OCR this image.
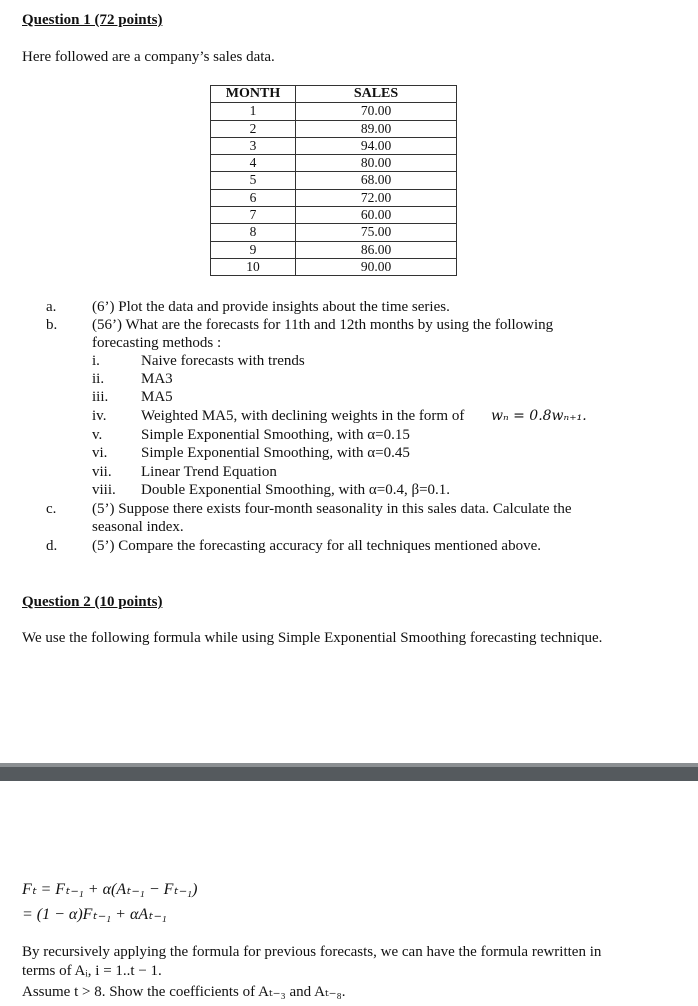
Question 1 (72 points)
Here followed are a company’s sales data.
MONTH	SALES
1	70.00
2	89.00
3	94.00
4	80.00
5	68.00
6	72.00
7	60.00
8	75.00
9	86.00
10	90.00
a.	(6’) Plot the data and provide insights about the time series.
b.	(56’) What are the forecasts for 11th and 12th months by using the following
forecasting methods :
i.	Naive forecasts with trends
ii.	MA3
iii.	MA5
iv.	Weighted MA5, with declining weights in the form of wₙ = 0.8wₙ₊₁.
v.	Simple Exponential Smoothing, with α=0.15
vi.	Simple Exponential Smoothing, with α=0.45
vii.	Linear Trend Equation
viii.	Double Exponential Smoothing, with α=0.4, β=0.1.
c.	(5’) Suppose there exists four-month seasonality in this sales data. Calculate the
seasonal index.
d.	(5’) Compare the forecasting accuracy for all techniques mentioned above.
Question 2 (10 points)
We use the following formula while using Simple Exponential Smoothing forecasting technique.
Fₜ = Fₜ₋₁ + α(Aₜ₋₁ − Fₜ₋₁)
= (1 − α)Fₜ₋₁ + αAₜ₋₁
By recursively applying the formula for previous forecasts, we can have the formula rewritten in
terms of Aᵢ, i = 1..t − 1.
Assume t > 8. Show the coefficients of Aₜ₋₃ and Aₜ₋₈.
